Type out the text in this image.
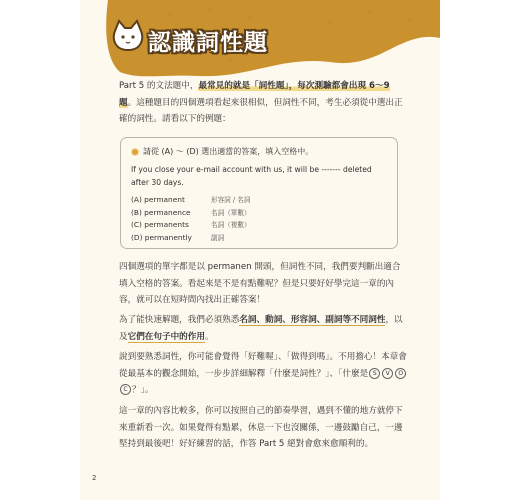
認識詞性題

Part 5 的文法題中，最常見的就是「詞性題」，每次測驗都會出現 6～9 題。這種題目的四個選項看起來很相似，但詞性不同，考生必須從中選出正確的詞性。請看以下的例題：

請從 (A) ～ (D) 選出適當的答案，填入空格中。
If you close your e-mail account with us, it will be ------- deleted after 30 days.
(A) permanent	形容詞 / 名詞
(B) permanence	名詞（單數）
(C) permanents	名詞（複數）
(D) permanently	副詞

四個選項的單字都是以 permanen 開頭，但詞性不同，我們要判斷出適合填入空格的答案。看起來是不是有點難呢？但是只要好好學完這一章的內容，就可以在短時間內找出正確答案！

為了能快速解題，我們必須熟悉名詞、動詞、形容詞、副詞等不同詞性，以及它們在句子中的作用。

說到要熟悉詞性，你可能會覺得「好難喔」、「做得到嗎」。不用擔心！本章會從最基本的觀念開始，一步步詳細解釋「什麼是詞性？」、「什麼是 S V OC ？」。

這一章的內容比較多，你可以按照自己的節奏學習，遇到不懂的地方就停下來重新看一次。如果覺得有點累，休息一下也沒關係，一邊鼓勵自己，一邊堅持到最後吧！好好練習的話，作答 Part 5 絕對會愈來愈順利的。

2
